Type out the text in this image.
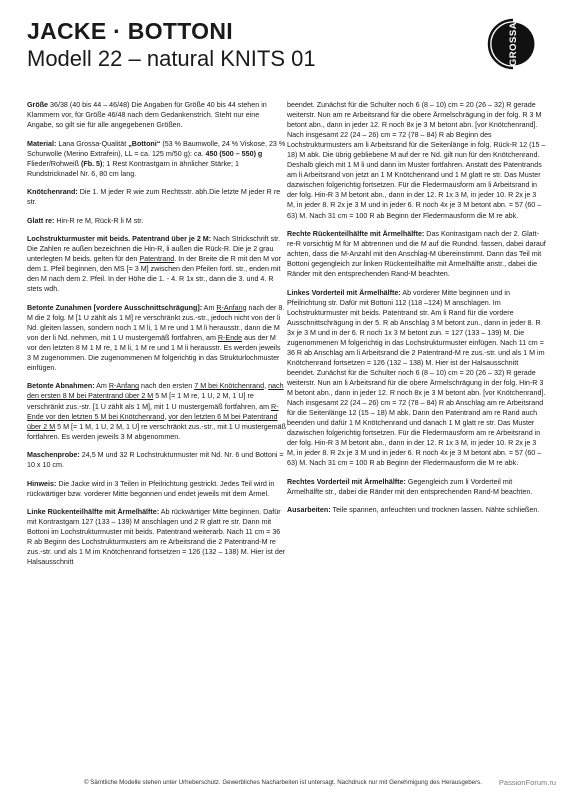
JACKE · BOTTONI
Modell 22 – natural KNITS 01	GROSSA
LANA

Größe 36/38 (40 bis 44 – 46/48) Die Angaben für Größe 40 bis 44 stehen in Klammern vor, für Größe 46/48 nach dem Gedankenstrich. Steht nur eine Angabe, so gilt sie für alle angegebenen Größen.

Material: Lana Grossa-Qualität „Bottoni“ (53 % Baumwolle, 24 % Viskose, 23 % Schurwolle (Merino Extrafein), LL = ca. 125 m/50 g): ca. 450 (500 – 550) g Flieder/Rohweiß (Fb. 5); 1 Rest Kontrastgarn in ähnlicher Stärke; 1 Rundstricknadel Nr. 6, 80 cm lang.

Knötchenrand: Die 1. M jeder R wie zum Rechtsstr. abh.Die letzte M jeder R re str.

Glatt re: Hin-R re M, Rück-R li M str.

Lochstrukturmuster mit beids. Patentrand über je 2 M: Nach Strickschrift str. Die Zahlen re außen bezeichnen die Hin-R, li außen die Rück-R. Die je 2 grau unterlegten M beids. gelten für den Patentrand. In der Breite die R mit den M vor dem 1. Pfeil beginnen, den MS [= 3 M] zwischen den Pfeilen fortl. str., enden mit den M nach dem 2. Pfeil. In der Höhe die 1. - 4. R 1x str., dann die 3. und 4. R stets wdh.

Betonte Zunahmen [vordere Ausschnittschrägung]: Am R-Anfang nach der 8. M die 2 folg. M [1 U zählt als 1 M] re verschränkt zus.-str., jedoch nicht von der li Nd. gleiten lassen, sondern noch 1 M li, 1 M re und 1 M li herausstr., dann die M von der li Nd. nehmen, mit 1 U mustergemäß fortfahren, am R-Ende aus der M vor den letzten 8 M 1 M re, 1 M li, 1 M re und 1 M li herausstr. Es werden jeweils 3 M zugenommen. Die zugenommenen M folgerichtig in das Strukturlochmuster einfügen.

Betonte Abnahmen: Am R-Anfang nach den ersten 7 M bei Knötchenrand, nach den ersten 8 M bei Patentrand über 2 M 5 M [= 1 M re, 1 U, 2 M, 1 U] re verschränkt zus.-str. [1 U zählt als 1 M], mit 1 U mustergemäß fortfahren, am R-Ende vor den letzten 5 M bei Knötchenrand, vor den letzten 6 M bei Patentrand über 2 M 5 M [= 1 M, 1 U, 2 M, 1 U] re verschränkt zus.-str., mit 1 U mustergemäß fortfahren. Es werden jeweils 3 M abgenommen.

Maschenprobe: 24,5 M und 32 R Lochstrukturmuster mit Nd. Nr. 6 und Bottoni = 10 x 10 cm.

Hinweis: Die Jacke wird in 3 Teilen in Pfeilrichtung gestrickt. Jedes Teil wird in rückwärtiger bzw. vorderer Mitte begonnen und endet jeweils mit dem Ärmel.

Linke Rückenteilhälfte mit Ärmelhälfte: Ab rückwärtiger Mitte beginnen. Dafür mit Kontrastgarn 127 (133 – 139) M anschlagen und 2 R glatt re str. Dann mit Bottoni im Lochstrukturmuster mit beids. Patentrand weiterarb. Nach 11 cm = 36 R ab Beginn des Lochstrukturmusters am re Arbeitsrand die 2 Patentrand-M re zus.-str. und als 1 M im Knötchenrand fortsetzen = 126 (132 – 138) M. Hier ist der Halsausschnitt

beendet. Zunächst für die Schulter noch 6 (8 – 10) cm = 20 (26 – 32) R gerade weiterstr. Nun am re Arbeitsrand für die obere Ärmelschrägung in der folg. R 3 M betont abn., dann in jeder 12. R noch 8x je 3 M betont abn. [vor Knötchenrand]. Nach insgesamt 22 (24 – 26) cm = 72 (78 – 84) R ab Beginn des Lochstrukturmusters am li Arbeitsrand für die Seitenlänge in folg. Rück-R 12 (15 – 18) M abk. Die übrig gebliebene M auf der re Nd. gilt nun für den Knötchenrand. Deshalb gleich mit 1 M li und dann im Muster fortfahren. Anstatt des Patentrands am li Arbeitsrand von jetzt an 1 M Knötchenrand und 1 M glatt re str. Das Muster dazwischen folgerichtig fortsetzen. Für die Fledermausform am li Arbeitsrand in der folg. Hin-R 3 M betont abn., dann in der 12. R 1x 3 M, in jeder 10. R 2x je 3 M, in jeder 8. R 2x je 3 M und in jeder 6. R noch 4x je 3 M betont abn. = 57 (60 – 63) M. Nach 31 cm = 100 R ab Beginn der Fledermausform die M re abk.

Rechte Rückenteilhälfte mit Ärmelhälfte: Das Kontrastgarn nach der 2. Glatt-re-R vorsichtig M für M abtrennen und die M auf die Rundnd. fassen, dabei darauf achten, dass die M-Anzahl mit den Anschlag-M übereinstimmt. Dann das Teil mit Bottoni gegengleich zur linken Rückenteilhälfte mit Ärmelhälfte anstr., dabei die Ränder mit den entsprechenden Rand-M beachten.

Linkes Vorderteil mit Ärmelhälfte: Ab vorderer Mitte beginnen und in Pfeilrichtung str. Dafür mit Bottoni 112 (118 –124) M anschlagen. Im Lochstrukturmuster mit beids. Patentrand str. Am li Rand für die vordere Ausschnittschrägung in der 5. R ab Anschlag 3 M betont zun., dann in jeder 8. R 3x je 3 M und in der 6. R noch 1x 3 M betont zun. = 127 (133 – 139) M. Die zugenommenen M folgerichtig in das Lochstrukturmuster einfügen. Nach 11 cm = 36 R ab Anschlag am li Arbeitsrand die 2 Patentrand-M re zus.-str. und als 1 M im Knötchenrand fortsetzen = 126 (132 – 138) M. Hier ist der Halsausschnitt beendet. Zunächst für die Schulter noch 6 (8 – 10) cm = 20 (26 – 32) R gerade weiterstr. Nun am li Arbeitsrand für die obere Ärmelschrägung in der folg. Hin-R 3 M betont abn., dann in jeder 12. R noch 8x je 3 M betont abn. [vor Knötchenrand]. Nach insgesamt 22 (24 – 26) cm = 72 (78 – 84) R ab Anschlag am re Arbeitsrand für die Seitenlänge 12 (15 – 18) M abk. Dann den Patentrand am re Rand auch beenden und dafür 1 M Knötchenrand und danach 1 M glatt re str. Das Muster dazwischen folgerichtig fortsetzen. Für die Fledermausform am re Arbeitsrand in der folg. Hin-R 3 M betont abn., dann in der 12. R 1x 3 M, in jeder 10. R 2x je 3 M, in jeder 8. R 2x je 3 M und in jeder 6. R noch 4x je 3 M betont abn. = 57 (60 – 63) M. Nach 31 cm = 100 R ab Beginn der Fledermausform die M re abk.

Rechtes Vorderteil mit Ärmelhälfte: Gegengleich zum li Vorderteil mit Ärmelhälfte str., dabei die Ränder mit den entsprechenden Rand-M beachten.

Ausarbeiten: Teile spannen, anfeuchten und trocknen lassen. Nähte schließen.

© Sämtliche Modelle stehen unter Urheberschutz. Gewerbliches Nacharbeiten ist untersagt. Nachdruck nur mit Genehmigung des Herausgebers.	PassionForum.ru
